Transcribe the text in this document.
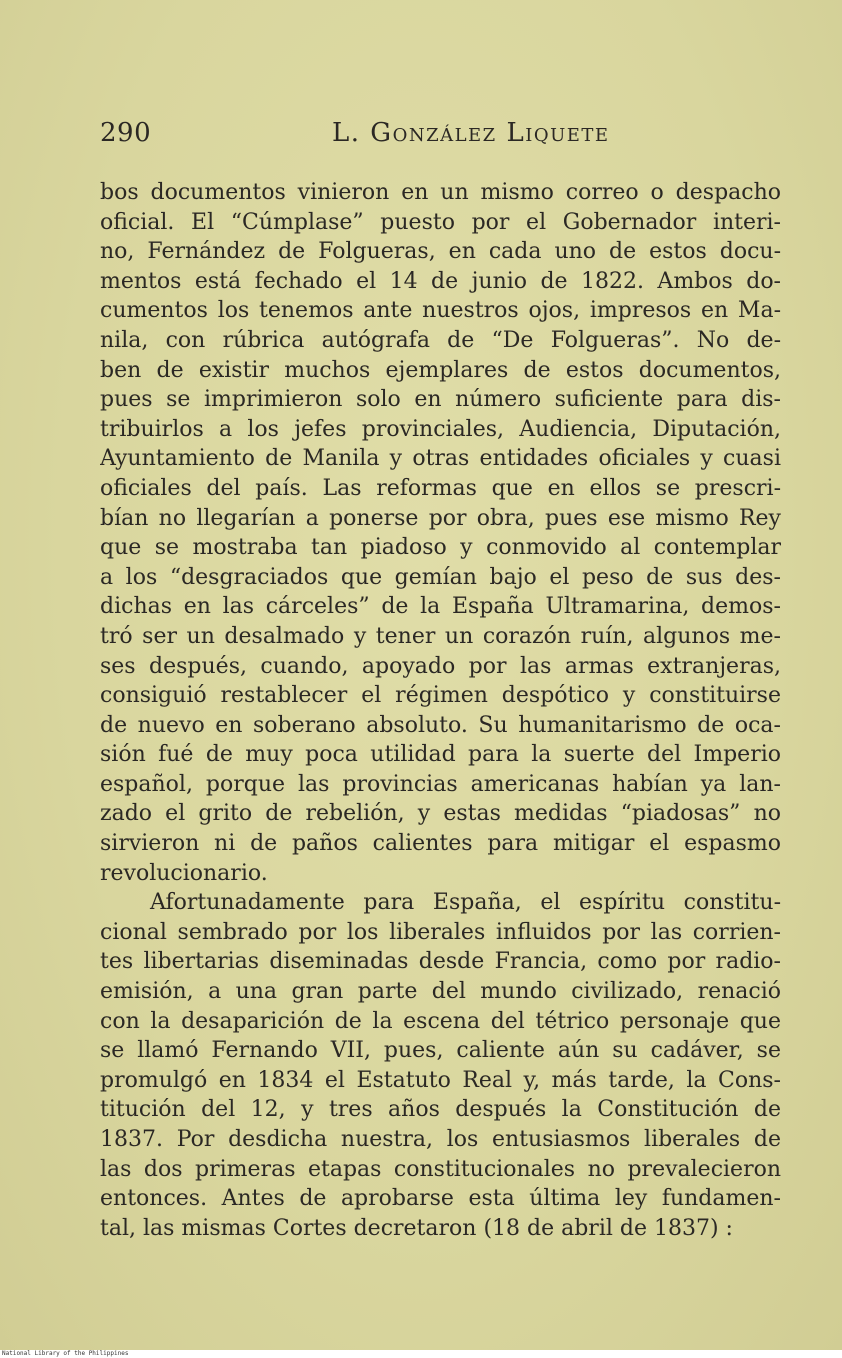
290	L. González Liquete
bos documentos vinieron en un mismo correo o despacho
oficial. El “Cúmplase” puesto por el Gobernador interi-
no, Fernández de Folgueras, en cada uno de estos docu-
mentos está fechado el 14 de junio de 1822. Ambos do-
cumentos los tenemos ante nuestros ojos, impresos en Ma-
nila, con rúbrica autógrafa de “De Folgueras”. No de-
ben de existir muchos ejemplares de estos documentos,
pues se imprimieron solo en número suficiente para dis-
tribuirlos a los jefes provinciales, Audiencia, Diputación,
Ayuntamiento de Manila y otras entidades oficiales y cuasi
oficiales del país. Las reformas que en ellos se prescri-
bían no llegarían a ponerse por obra, pues ese mismo Rey
que se mostraba tan piadoso y conmovido al contemplar
a los “desgraciados que gemían bajo el peso de sus des-
dichas en las cárceles” de la España Ultramarina, demos-
tró ser un desalmado y tener un corazón ruín, algunos me-
ses después, cuando, apoyado por las armas extranjeras,
consiguió restablecer el régimen despótico y constituirse
de nuevo en soberano absoluto. Su humanitarismo de oca-
sión fué de muy poca utilidad para la suerte del Imperio
español, porque las provincias americanas habían ya lan-
zado el grito de rebelión, y estas medidas “piadosas” no
sirvieron ni de paños calientes para mitigar el espasmo
revolucionario.
Afortunadamente para España, el espíritu constitu-
cional sembrado por los liberales influidos por las corrien-
tes libertarias diseminadas desde Francia, como por radio-
emisión, a una gran parte del mundo civilizado, renació
con la desaparición de la escena del tétrico personaje que
se llamó Fernando VII, pues, caliente aún su cadáver, se
promulgó en 1834 el Estatuto Real y, más tarde, la Cons-
titución del 12, y tres años después la Constitución de
1837. Por desdicha nuestra, los entusiasmos liberales de
las dos primeras etapas constitucionales no prevalecieron
entonces. Antes de aprobarse esta última ley fundamen-
tal, las mismas Cortes decretaron (18 de abril de 1837) :
National Library of the Philippines
